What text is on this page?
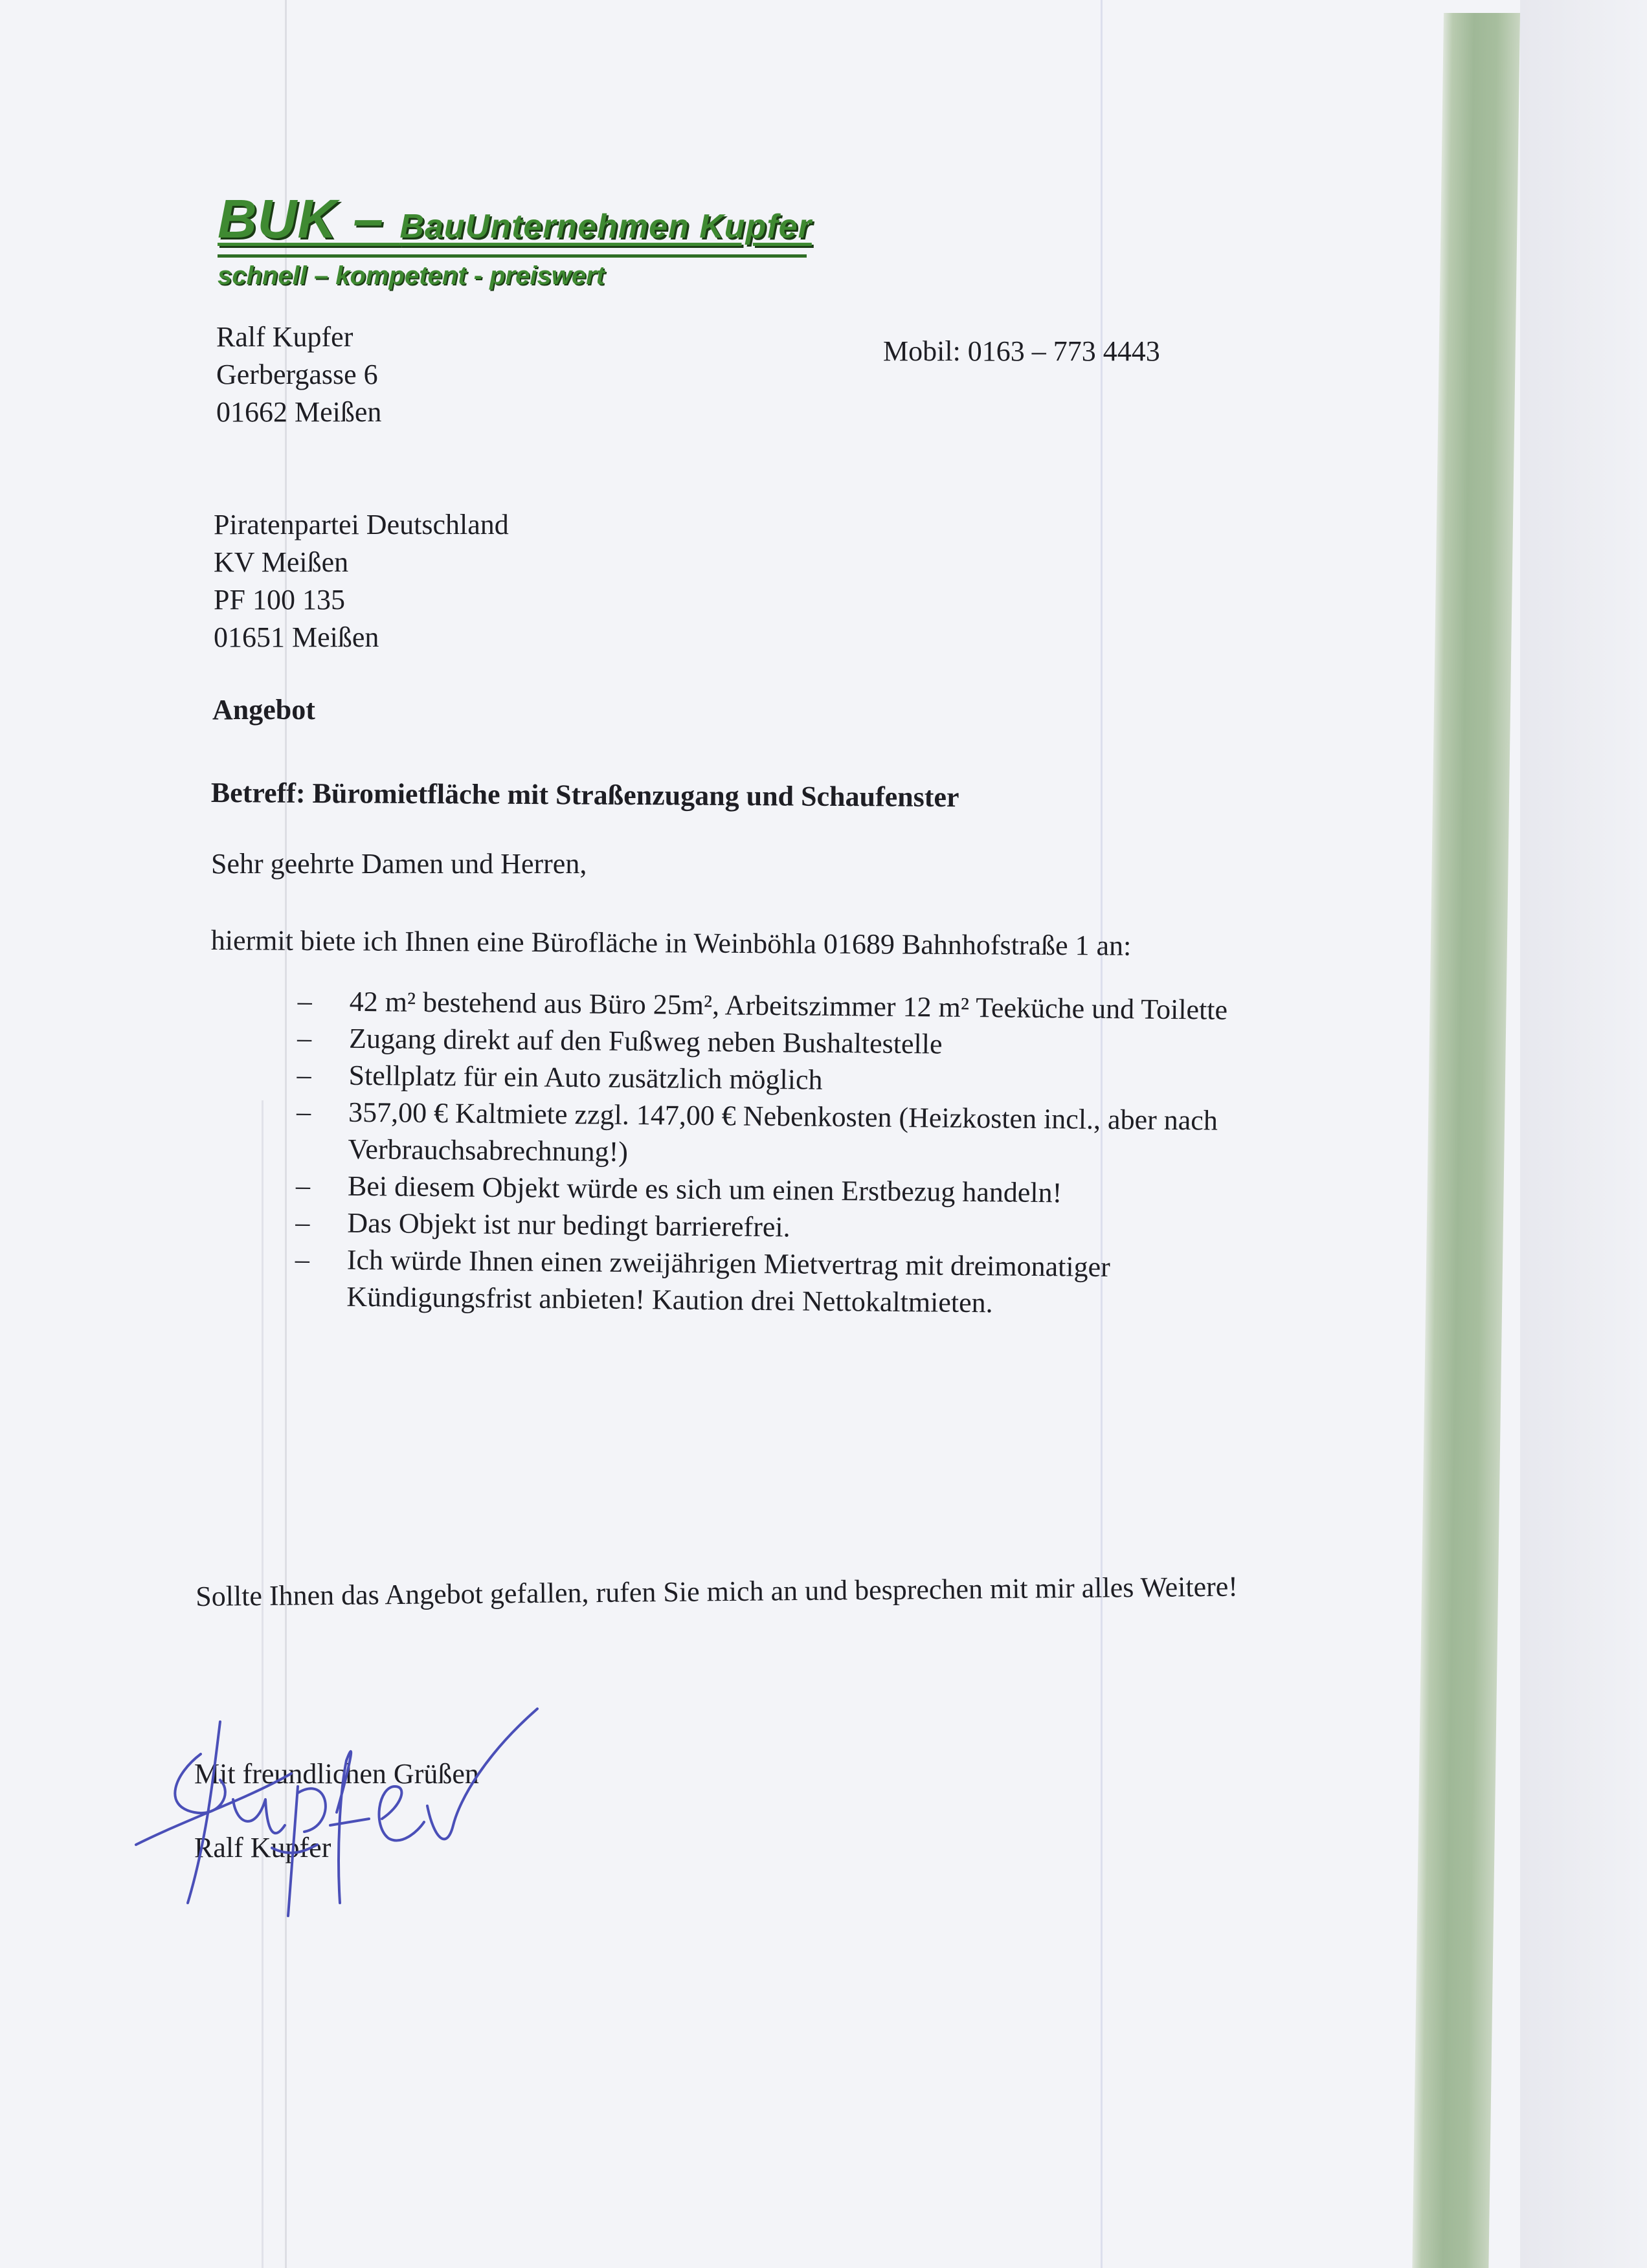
BUK – BauUnternehmen Kupfer
schnell – kompetent - preiswert
Ralf Kupfer
Gerbergasse 6
01662 Meißen
Mobil: 0163 – 773 4443
Piratenpartei Deutschland
KV Meißen
PF 100 135
01651 Meißen
Angebot
Betreff: Büromietfläche mit Straßenzugang und Schaufenster
Sehr geehrte Damen und Herren,
hiermit biete ich Ihnen eine Bürofläche in Weinböhla 01689 Bahnhofstraße 1 an:
– 42 m² bestehend aus Büro 25m², Arbeitszimmer 12 m² Teeküche und Toilette
– Zugang direkt auf den Fußweg neben Bushaltestelle
– Stellplatz für ein Auto zusätzlich möglich
– 357,00 € Kaltmiete zzgl. 147,00 € Nebenkosten (Heizkosten incl., aber nach
Verbrauchsabrechnung!)
– Bei diesem Objekt würde es sich um einen Erstbezug handeln!
– Das Objekt ist nur bedingt barrierefrei.
– Ich würde Ihnen einen zweijährigen Mietvertrag mit dreimonatiger
Kündigungsfrist anbieten! Kaution drei Nettokaltmieten.
Sollte Ihnen das Angebot gefallen, rufen Sie mich an und besprechen mit mir alles Weitere!
Mit freundlichen Grüßen
Ralf Kupfer
